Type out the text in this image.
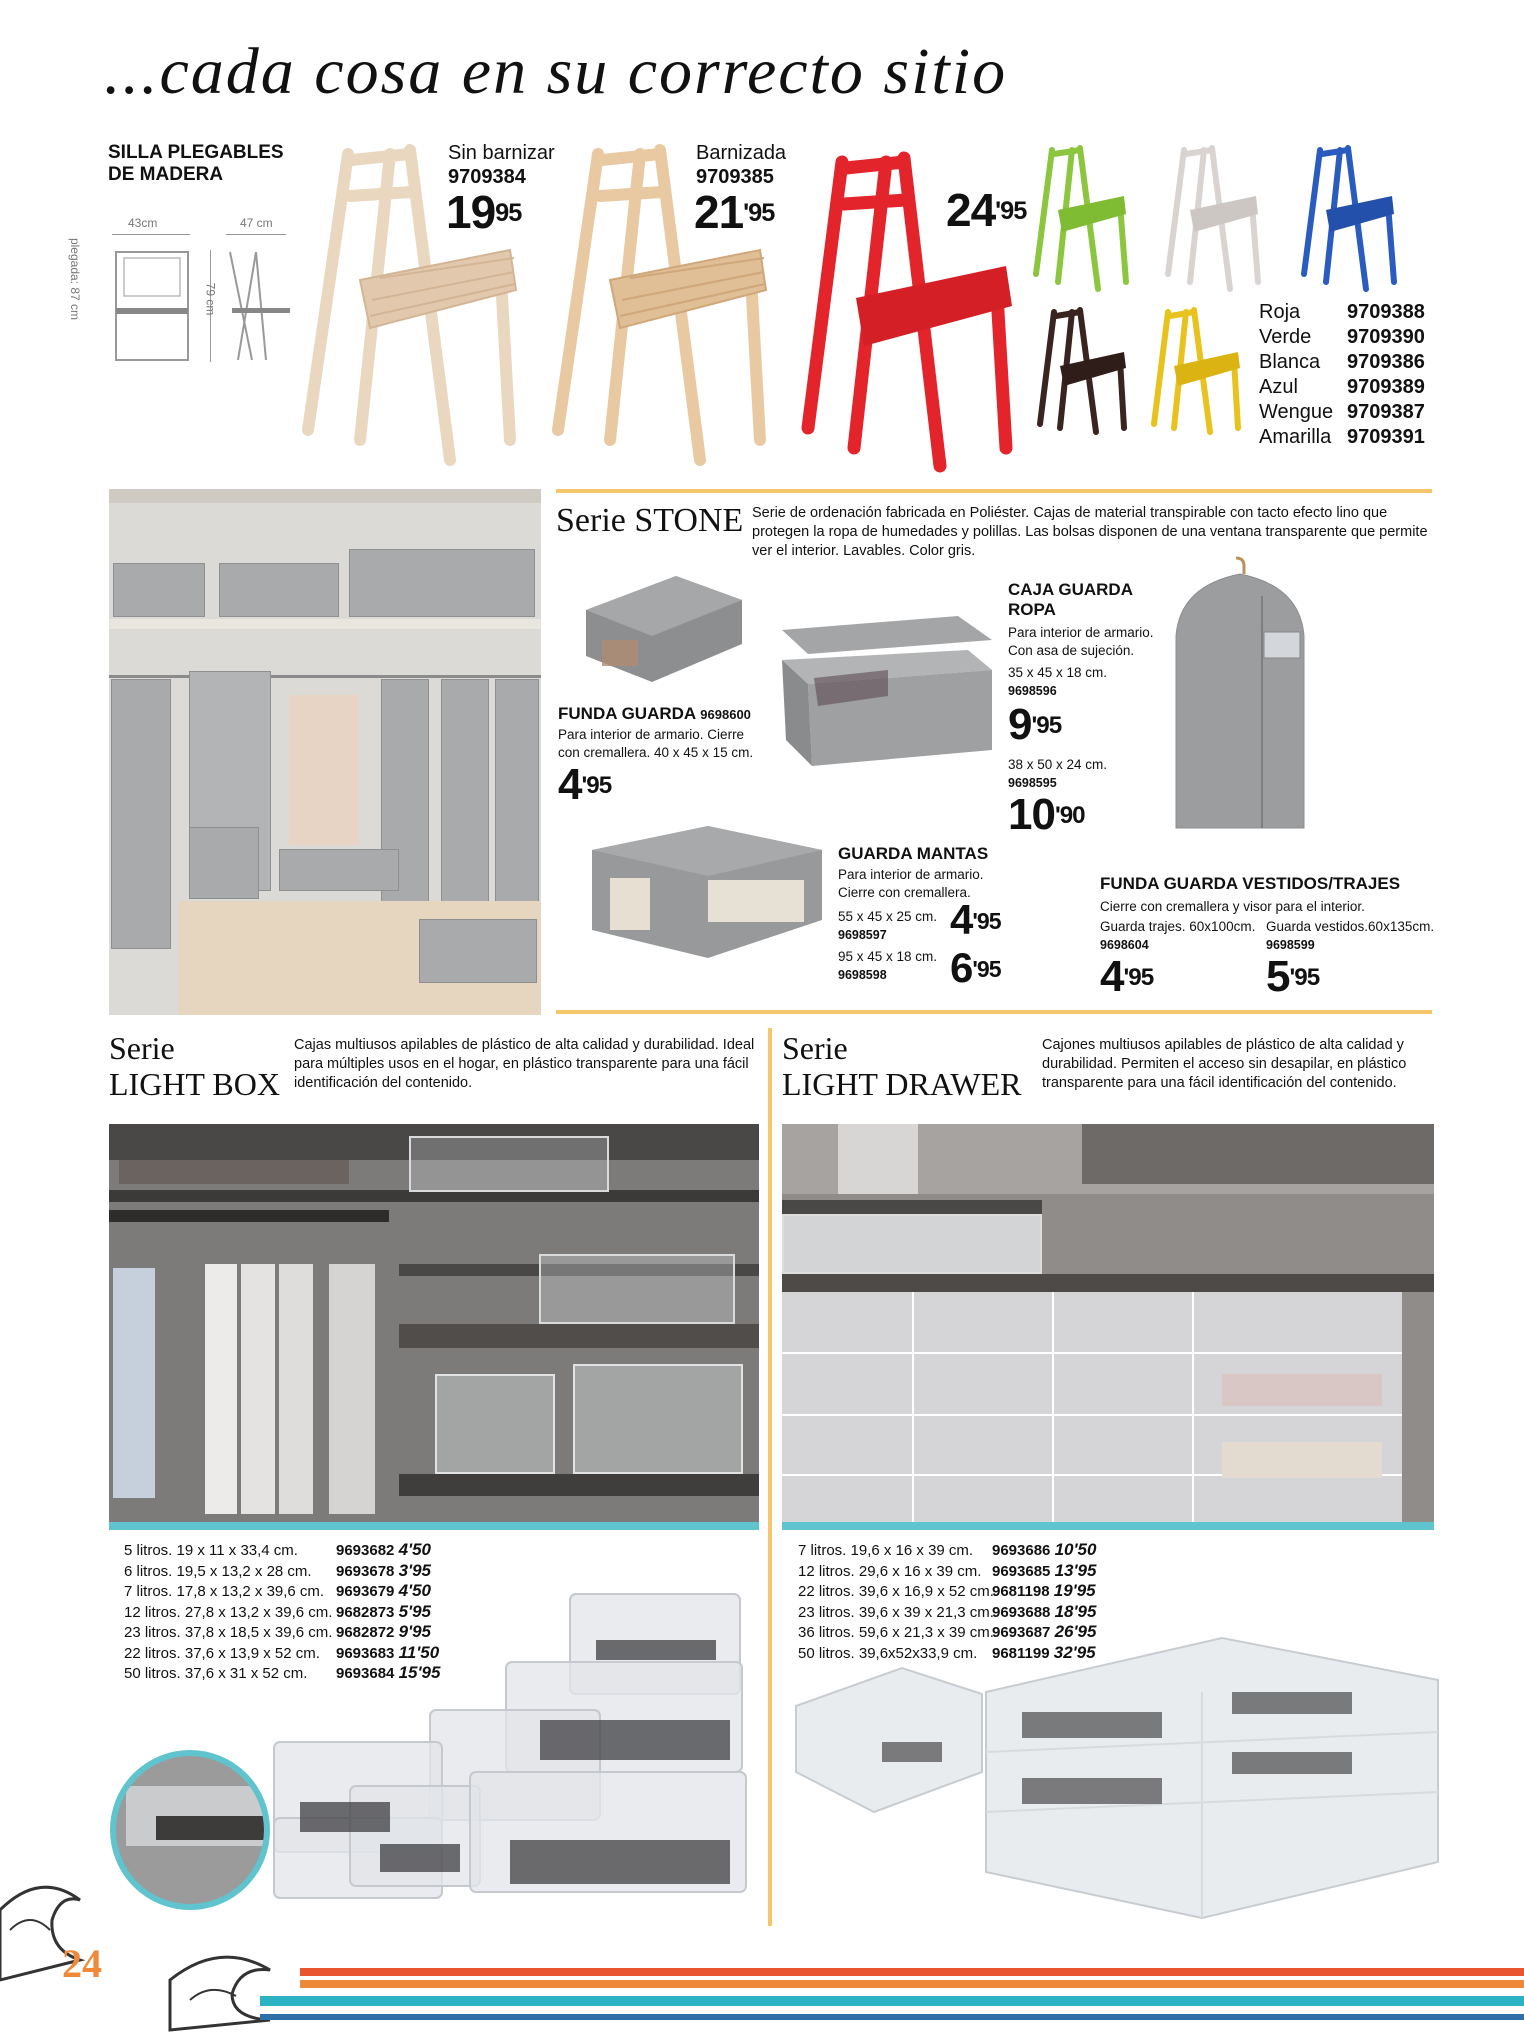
...cada cosa en su correcto sitio
SILLA PLEGABLES
DE MADERA
43cm	47 cm
79 cm
plegada: 87 cm
Sin barnizar
9709384
$19^{95}$
Barnizada
9709385
$21^{'95}$	$24^{'95}$
Roja 9709388
Verde 9709390
Blanca 9709386
Azul 9709389
Wengue 9709387
Amarilla 9709391
Serie STONE Serie de ordenación fabricada en Poliéster. Cajas de material transpirable con tacto efecto lino que protegen la ropa de humedades y polillas. Las bolsas disponen de una ventana transparente que permite ver el interior. Lavables. Color gris.
FUNDA GUARDA 9698600
Para interior de armario. Cierre
con cremallera. 40 x 45 x 15 cm.
$4^{'95}$
CAJA GUARDA
ROPA
Para interior de armario.
Con asa de sujeción.
35 x 45 x 18 cm.
9698596
$9^{'95}$
38 x 50 x 24 cm.
9698595
$10^{'90}$
GUARDA MANTAS
Para interior de armario.
Cierre con cremallera.
55 x 45 x 25 cm.
9698597	$4^{'95}$
95 x 45 x 18 cm.
9698598	$6^{'95}$
FUNDA GUARDA VESTIDOS/TRAJES
Cierre con cremallera y visor para el interior.
Guarda trajes. 60x100cm.
9698604
$4^{'95}$
Guarda vestidos.60x135cm.
9698599
$5^{'95}$
Serie
LIGHT BOX
Cajas multiusos apilables de plástico de alta calidad y durabilidad. Ideal para múltiples usos en el hogar, en plástico transparente para una fácil identificación del contenido.
5 litros. 19 x 11 x 33,4 cm.	9693682 4'50
6 litros. 19,5 x 13,2 x 28 cm. 9693678 3'95
7 litros. 17,8 x 13,2 x 39,6 cm. 9693679 4'50
12 litros. 27,8 x 13,2 x 39,6 cm. 9682873 5'95
23 litros. 37,8 x 18,5 x 39,6 cm. 9682872 9'95
22 litros. 37,6 x 13,9 x 52 cm. 9693683 11'50
50 litros. 37,6 x 31 x 52 cm. 9693684 15'95
Serie
LIGHT DRAWER
Cajones multiusos apilables de plástico de alta calidad y durabilidad. Permiten el acceso sin desapilar, en plástico transparente para una fácil identificación del contenido.
7 litros. 19,6 x 16 x 39 cm. 9693686 10'50
12 litros. 29,6 x 16 x 39 cm. 9693685 13'95
22 litros. 39,6 x 16,9 x 52 cm.9681198 19'95
23 litros. 39,6 x 39 x 21,3 cm.9693688 18'95
36 litros. 59,6 x 21,3 x 39 cm.9693687 26'95
50 litros. 39,6x52x33,9 cm. 9681199 32'95
24
